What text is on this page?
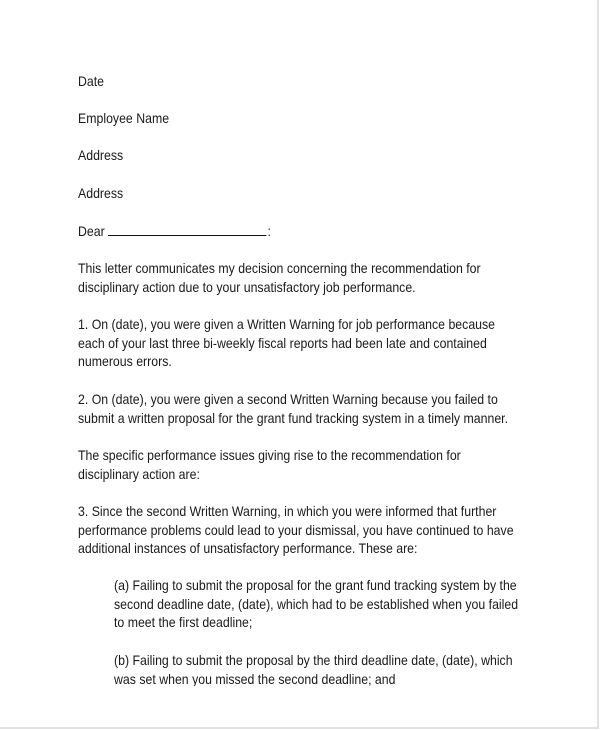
Date
Employee Name
Address
Address
Dear	:
This letter communicates my decision concerning the recommendation for
disciplinary action due to your unsatisfactory job performance.
1. On (date), you were given a Written Warning for job performance because
each of your last three bi-weekly fiscal reports had been late and contained
numerous errors.
2. On (date), you were given a second Written Warning because you failed to
submit a written proposal for the grant fund tracking system in a timely manner.
The specific performance issues giving rise to the recommendation for
disciplinary action are:
3. Since the second Written Warning, in which you were informed that further
performance problems could lead to your dismissal, you have continued to have
additional instances of unsatisfactory performance. These are:
(a) Failing to submit the proposal for the grant fund tracking system by the
second deadline date, (date), which had to be established when you failed
to meet the first deadline;
(b) Failing to submit the proposal by the third deadline date, (date), which
was set when you missed the second deadline; and
